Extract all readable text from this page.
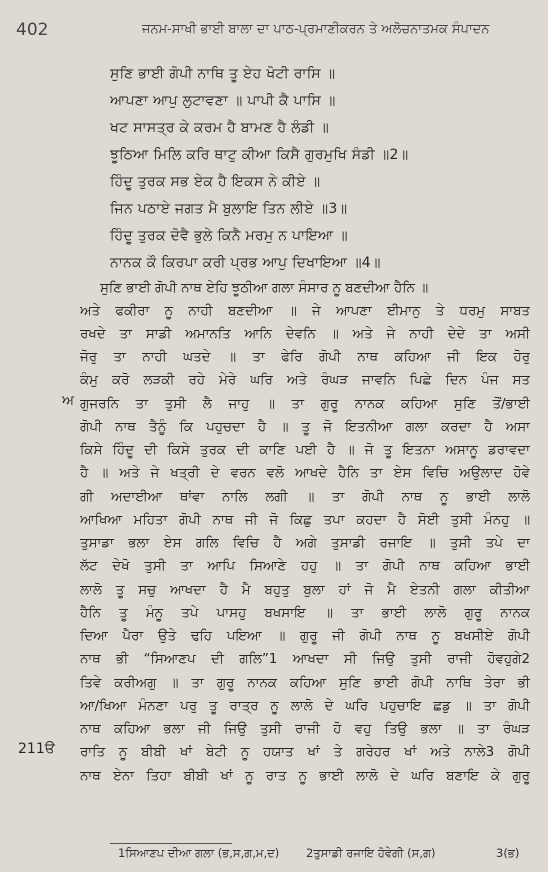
402	ਜਨਮ-ਸਾਖੀ ਭਾਈ ਬਾਲਾ ਦਾ ਪਾਠ-ਪ੍ਰਮਾਣੀਕਰਨ ਤੇ ਅਲੋਚਨਾਤਮਕ ਸੰਪਾਦਨ
ਸੁਣਿ ਭਾਈ ਗੋਪੀ ਨਾਥਿ ਤੂ ਏਹ ਖੋਟੀ ਰਾਸਿ ॥
ਆਪਣਾ ਆਪੁ ਲੁਟਾਵਣਾ ॥ ਪਾਪੀ ਕੈ ਪਾਸਿ ॥
ਖਟ ਸਾਸਤ੍ਰ ਕੇ ਕਰਮ ਹੈ ਬਾਮਣ ਹੈ ਲੰਡੀ ॥
ਝੂਠਿਆ ਮਿਲਿ ਕਰਿ ਥਾਟੁ ਕੀਆ ਕਿਸੈ ਗੁਰਮੁਖਿ ਸੰਡੀ ॥2॥
ਹਿੰਦੂ ਤੁਰਕ ਸਭ ਏਕ ਹੈ ਇਕਸ ਨੇ ਕੀਏ ॥
ਜਿਨ ਪਠਾਏ ਜਗਤ ਮੈ ਬੁਲਾਇ ਤਿਨ ਲੀਏ ॥3॥
ਹਿੰਦੂ ਤੁਰਕ ਦੋਵੈ ਭੁਲੇ ਕਿਨੈ ਮਰਮੁ ਨ ਪਾਇਆ ॥
ਨਾਨਕ ਕੌ ਕਿਰਪਾ ਕਰੀ ਪ੍ਰਭ ਆਪੁ ਦਿਖਾਇਆ ॥4॥
ਸੁਣਿ ਭਾਈ ਗੋਪੀ ਨਾਥ ਏਹਿ ਝੂਠੀਆ ਗਲਾ ਸੰਸਾਰ ਨੂ ਬਣਦੀਆ ਹੈਨਿ ॥
ਅਤੇ ਫਕੀਰਾ ਨੂ ਨਾਹੀ ਬਣਦੀਆ ॥ ਜੇ ਆਪਣਾ ਈਮਾਨੁ ਤੇ ਧਰਮੁ ਸਾਬਤ
ਰਖਦੇ ਤਾ ਸਾਡੀ ਅਮਾਨਤਿ ਆਨਿ ਦੇਵਨਿ ॥ ਅਤੇ ਜੇ ਨਾਹੀ ਦੇਦੇ ਤਾ ਅਸੀ
ਜੋਰੁ ਤਾ ਨਾਹੀ ਘਤਦੇ ॥ ਤਾ ਫੇਰਿ ਗੋਪੀ ਨਾਥ ਕਹਿਆ ਜੀ ਇਕ ਹੋਰੁ
ਕੰਮੁ ਕਰੋ ਲੜਕੀ ਰਹੇ ਮੇਰੇ ਘਰਿ ਅਤੇ ਰੰਘੜ ਜਾਵਨਿ ਪਿਛੇ ਦਿਨ ਪੰਜ ਸਤ
ਗੁਜਰਨਿ ਤਾ ਤੁਸੀ ਲੈ ਜਾਹੁ ॥ ਤਾ ਗੁਰੂ ਨਾਨਕ ਕਹਿਆ ਸੁਣਿ ਤੋਂ/ਭਾਈ
ਗੋਪੀ ਨਾਥ ਤੈਨੂੰ ਕਿ ਪਹੁਚਦਾ ਹੈ ॥ ਤੂ ਜੋ ਇਤਨੀਆ ਗਲਾ ਕਰਦਾ ਹੈ ਅਸਾ
ਕਿਸੇ ਹਿੰਦੂ ਦੀ ਕਿਸੇ ਤੁਰਕ ਦੀ ਕਾਣਿ ਪਈ ਹੈ ॥ ਜੋ ਤੂ ਇਤਨਾ ਅਸਾਨੂ ਡਰਾਵਦਾ
ਹੈ ॥ ਅਤੇ ਜੇ ਖਤ੍ਰੀ ਦੇ ਵਰਨ ਵਲੋ ਆਖਦੇ ਹੈਨਿ ਤਾ ਏਸ ਵਿਚਿ ਅਉਲਾਦ ਹੋਵੇ
ਗੀ ਅਦਾਈਆ ਥਾਂਵਾ ਨਾਲਿ ਲਗੀ ॥ ਤਾ ਗੋਪੀ ਨਾਥ ਨੂ ਭਾਈ ਲਾਲੋ
ਆਖਿਆ ਮਹਿਤਾ ਗੋਪੀ ਨਾਥ ਜੀ ਜੋ ਕਿਛੁ ਤਪਾ ਕਹਦਾ ਹੈ ਸੋਈ ਤੁਸੀ ਮੰਨਹੁ ॥
ਤੁਸਾਡਾ ਭਲਾ ਏਸ ਗਲਿ ਵਿਚਿ ਹੈ ਅਗੇ ਤੁਸਾਡੀ ਰਜਾਇ ॥ ਤੁਸੀ ਤਪੇ ਦਾ
ਲੱਟ ਦੇਖੋ ਤੁਸੀ ਤਾ ਆਪਿ ਸਿਆਣੇ ਹਹੁ ॥ ਤਾ ਗੋਪੀ ਨਾਥ ਕਹਿਆ ਭਾਈ
ਲਾਲੋ ਤੂ ਸਚੁ ਆਖਦਾ ਹੈ ਮੈ ਬਹੁਤੁ ਬੁਲਾ ਹਾਂ ਜੋ ਮੈ ਏਤਨੀ ਗਲਾ ਕੀਤੀਆ
ਹੈਨਿ ਤੂ ਮੰਨੂ ਤਪੇ ਪਾਸਹੁ ਬਖਸਾਇ ॥ ਤਾ ਭਾਈ ਲਾਲੋ ਗੁਰੂ ਨਾਨਕ
ਦਿਆ ਪੈਰਾ ਉਤੇ ਢਹਿ ਪਇਆ ॥ ਗੁਰੂ ਜੀ ਗੋਪੀ ਨਾਥ ਨੂ ਬਖਸੀਏ ਗੋਪੀ
ਨਾਥ ਭੀ “ਸਿਆਣਪ ਦੀ ਗਲਿ”1 ਆਖਦਾ ਸੀ ਜਿਉ ਤੁਸੀ ਰਾਜੀ ਹੋਵਹੁਗੇ2
ਤਿਵੇ ਕਰੀਅਗੁ ॥ ਤਾ ਗੁਰੂ ਨਾਨਕ ਕਹਿਆ ਸੁਣਿ ਭਾਈ ਗੋਪੀ ਨਾਥਿ ਤੇਰਾ ਭੀ
ਆ/ਖਿਆ ਮੰਨਣਾ ਪਰੁ ਤੂ ਰਾਤ੍ਰ ਨੂ ਲਾਲੋ ਦੇ ਘਰਿ ਪਹੁਚਾਇ ਛਡੁ ॥ ਤਾ ਗੋਪੀ
ਨਾਥ ਕਹਿਆ ਭਲਾ ਜੀ ਜਿਉ ਤੁਸੀ ਰਾਜੀ ਹੋ ਵਹੁ ਤਿਉ ਭਲਾ ॥ ਤਾ ਰੰਘੜ
ਰਾਤਿ ਨੂ ਬੀਬੀ ਖਾਂ ਬੇਟੀ ਨੂ ਹਯਾਤ ਖਾਂ ਤੇ ਗਰੇਹਰ ਖਾਂ ਅਤੇ ਨਾਲੇ3 ਗੋਪੀ
ਨਾਥ ਏਨਾ ਤਿਹਾ ਬੀਬੀ ਖਾਂ ਨੂ ਰਾਤ ਨੂ ਭਾਈ ਲਾਲੋ ਦੇ ਘਰਿ ਬਣਾਇ ਕੇ ਗੁਰੂ
ਅ
211ੳ
1ਸਿਆਣਪ ਦੀਆ ਗਲਾ (ਭ,ਸ,ਗ,ਮ,ਦ) 2ਤੁਸਾਡੀ ਰਜਾਇ ਹੋਵੇਗੀ (ਸ,ਗ)	3(ਭ)
